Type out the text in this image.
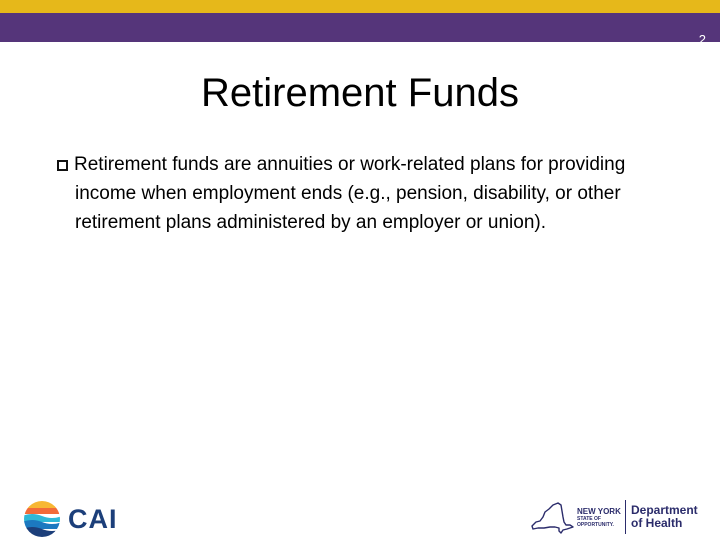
2
Retirement Funds
Retirement funds are annuities or work-related plans for providing income when employment ends (e.g., pension, disability, or other retirement plans administered by an employer or union).
CAI	NEW YORK
STATE OF
OPPORTUNITY.
Department
of Health
